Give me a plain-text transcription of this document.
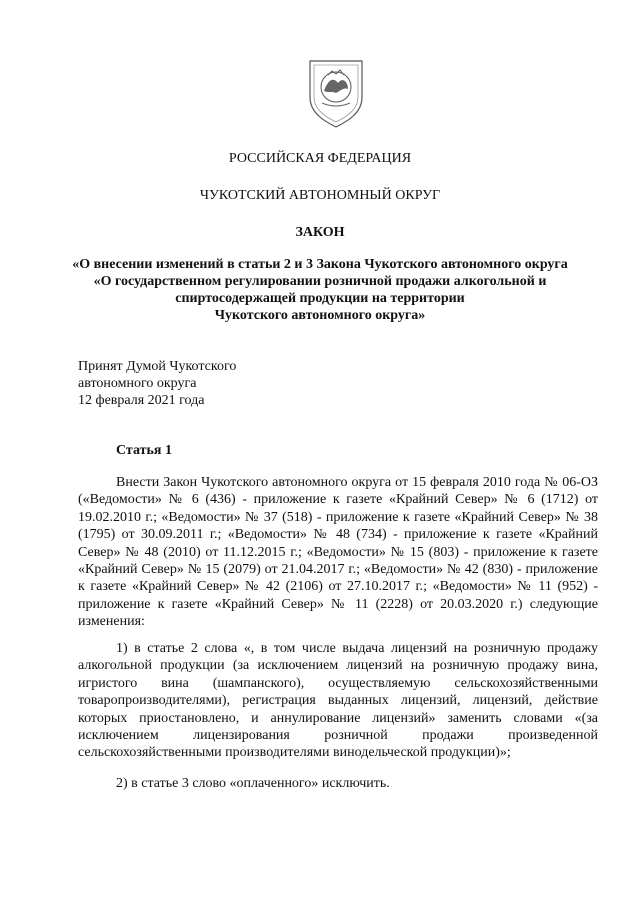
РОССИЙСКАЯ ФЕДЕРАЦИЯ
ЧУКОТСКИЙ АВТОНОМНЫЙ ОКРУГ
ЗАКОН
«О внесении изменений в статьи 2 и 3 Закона Чукотского автономного округа
«О государственном регулировании розничной продажи алкогольной и
спиртосодержащей продукции на территории
Чукотского автономного округа»
Принят Думой Чукотского
автономного округа
12 февраля 2021 года
Статья 1
Внести Закон Чукотского автономного округа от 15 февраля 2010 года № 06-ОЗ («Ведомости» № 6 (436) - приложение к газете «Крайний Север» № 6 (1712) от 19.02.2010 г.; «Ведомости» № 37 (518) - приложение к газете «Крайний Север» № 38 (1795) от 30.09.2011 г.; «Ведомости» № 48 (734) - приложение к газете «Крайний Север» № 48 (2010) от 11.12.2015 г.; «Ведомости» № 15 (803) - приложение к газете «Крайний Север» № 15 (2079) от 21.04.2017 г.; «Ведомости» № 42 (830) - приложение к газете «Крайний Север» № 42 (2106) от 27.10.2017 г.; «Ведомости» № 11 (952) - приложение к газете «Крайний Север» № 11 (2228) от 20.03.2020 г.) следующие изменения:
1) в статье 2 слова «, в том числе выдача лицензий на розничную продажу алкогольной продукции (за исключением лицензий на розничную продажу вина, игристого вина (шампанского), осуществляемую сельскохозяйственными товаропроизводителями), регистрация выданных лицензий, лицензий, действие которых приостановлено, и аннулирование лицензий» заменить словами «(за исключением лицензирования розничной продажи произведенной сельскохозяйственными производителями винодельческой продукции)»;
2) в статье 3 слово «оплаченного» исключить.
